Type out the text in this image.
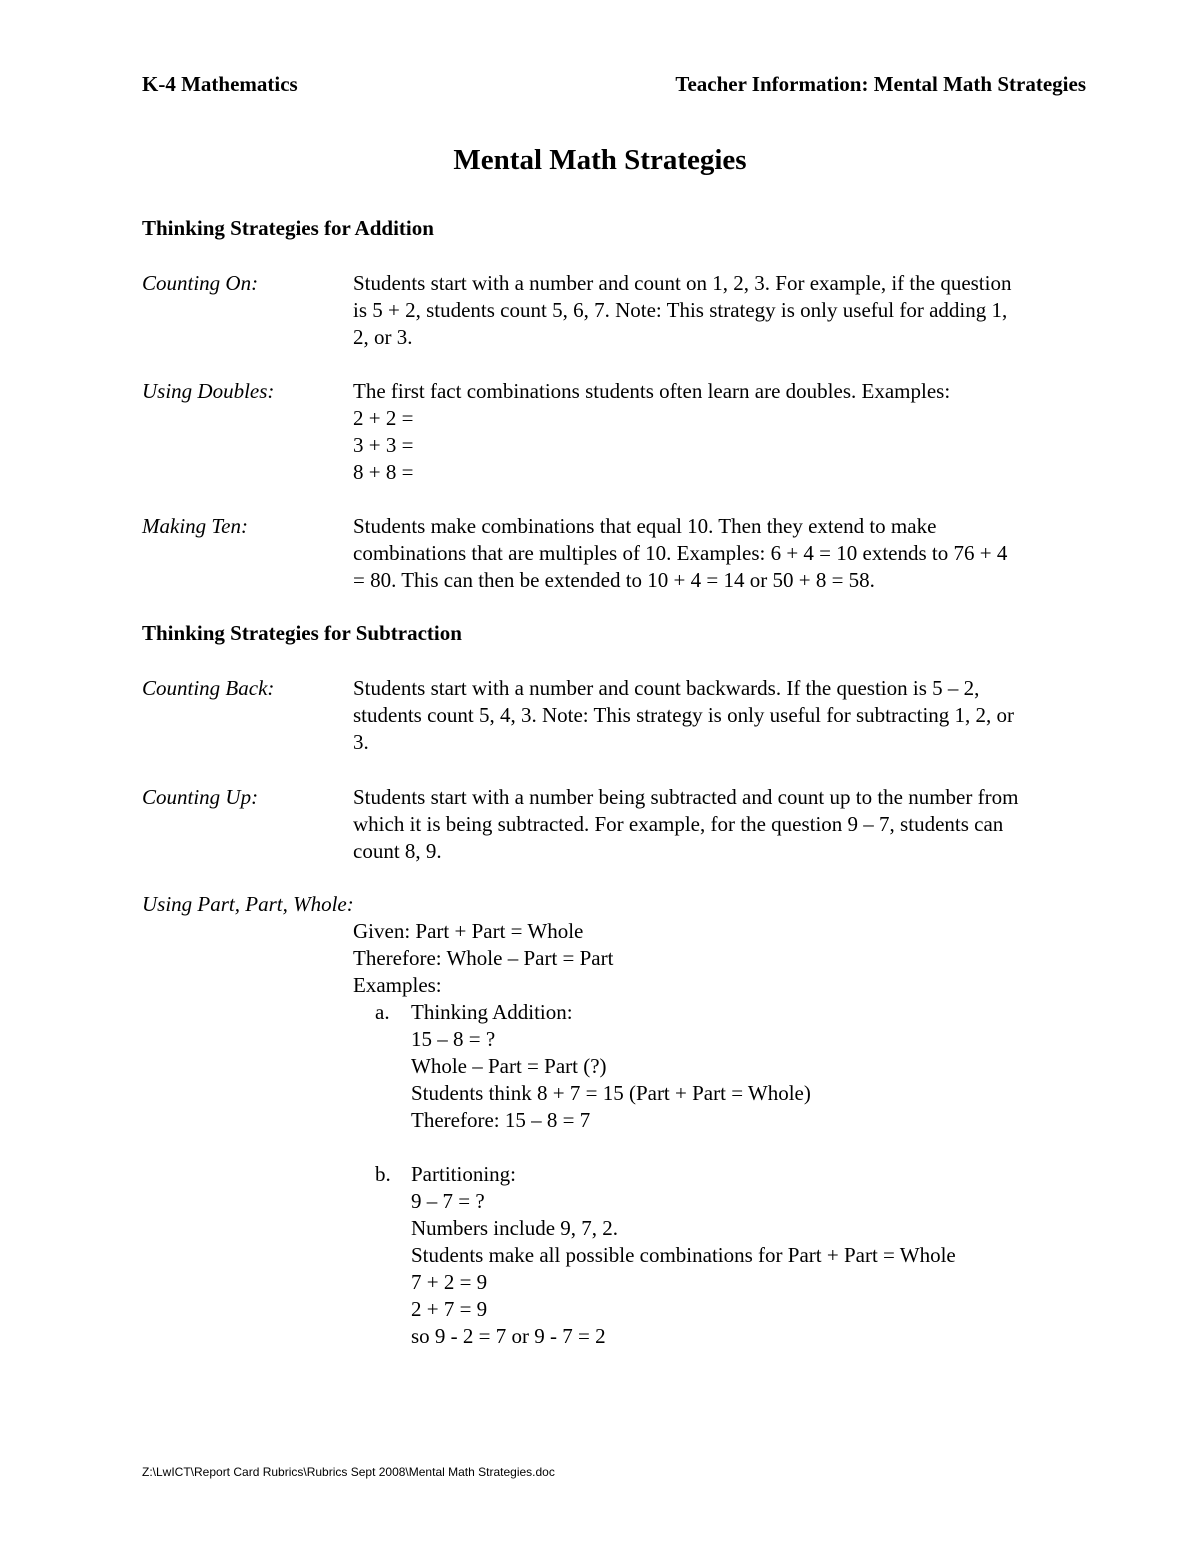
K-4 Mathematics	Teacher Information: Mental Math Strategies
Mental Math Strategies
Thinking Strategies for Addition
Counting On:	Students start with a number and count on 1, 2, 3. For example, if the question
is 5 + 2, students count 5, 6, 7. Note: This strategy is only useful for adding 1,
2, or 3.
Using Doubles:	The first fact combinations students often learn are doubles. Examples:
2 + 2 =
3 + 3 =
8 + 8 =
Making Ten:	Students make combinations that equal 10. Then they extend to make
combinations that are multiples of 10. Examples: 6 + 4 = 10 extends to 76 + 4
= 80. This can then be extended to 10 + 4 = 14 or 50 + 8 = 58.
Thinking Strategies for Subtraction
Counting Back:	Students start with a number and count backwards. If the question is 5 – 2,
students count 5, 4, 3. Note: This strategy is only useful for subtracting 1, 2, or
3.
Counting Up:	Students start with a number being subtracted and count up to the number from
which it is being subtracted. For example, for the question 9 – 7, students can
count 8, 9.
Using Part, Part, Whole:
Given: Part + Part = Whole
Therefore: Whole – Part = Part
Examples:
a. Thinking Addition:
15 – 8 = ?
Whole – Part = Part (?)
Students think 8 + 7 = 15 (Part + Part = Whole)
Therefore: 15 – 8 = 7
b. Partitioning:
9 – 7 = ?
Numbers include 9, 7, 2.
Students make all possible combinations for Part + Part = Whole
7 + 2 = 9
2 + 7 = 9
so 9 - 2 = 7 or 9 - 7 = 2
Z:\LwICT\Report Card Rubrics\Rubrics Sept 2008\Mental Math Strategies.doc
